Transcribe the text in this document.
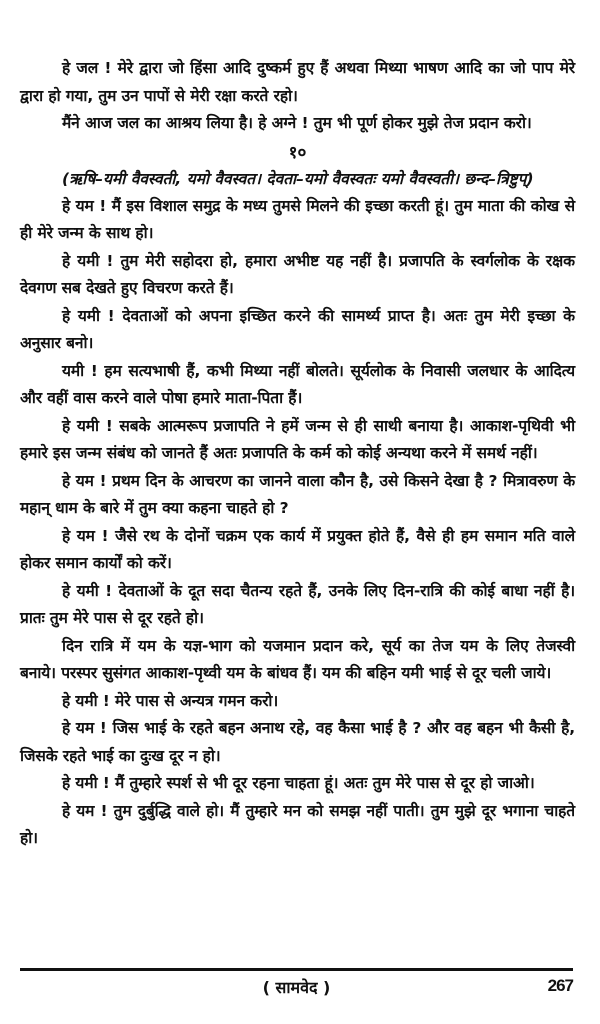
हे जल ! मेरे द्वारा जो हिंसा आदि दुष्कर्म हुए हैं अथवा मिथ्या भाषण आदि का जो पाप मेरे द्वारा हो गया, तुम उन पापों से मेरी रक्षा करते रहो।

मैंने आज जल का आश्रय लिया है। हे अग्ने ! तुम भी पूर्ण होकर मुझे तेज प्रदान करो।

१०

(ऋषि–यमी वैवस्वती, यमो वैवस्वत। देवता–यमो वैवस्वतः यमो वैवस्वती। छन्द–त्रिष्टुप्)

हे यम ! मैं इस विशाल समुद्र के मध्य तुमसे मिलने की इच्छा करती हूं। तुम माता की कोख से ही मेरे जन्म के साथ हो।

हे यमी ! तुम मेरी सहोदरा हो, हमारा अभीष्ट यह नहीं है। प्रजापति के स्वर्गलोक के रक्षक देवगण सब देखते हुए विचरण करते हैं।

हे यमी ! देवताओं को अपना इच्छित करने की सामर्थ्य प्राप्त है। अतः तुम मेरी इच्छा के अनुसार बनो।

यमी ! हम सत्यभाषी हैं, कभी मिथ्या नहीं बोलते। सूर्यलोक के निवासी जलधार के आदित्य और वहीं वास करने वाले पोषा हमारे माता-पिता हैं।

हे यमी ! सबके आत्मरूप प्रजापति ने हमें जन्म से ही साथी बनाया है। आकाश-पृथिवी भी हमारे इस जन्म संबंध को जानते हैं अतः प्रजापति के कर्म को कोई अन्यथा करने में समर्थ नहीं।

हे यम ! प्रथम दिन के आचरण का जानने वाला कौन है, उसे किसने देखा है ? मित्रावरुण के महान् धाम के बारे में तुम क्या कहना चाहते हो ?

हे यम ! जैसे रथ के दोनों चक्रम एक कार्य में प्रयुक्त होते हैं, वैसे ही हम समान मति वाले होकर समान कार्यों को करें।

हे यमी ! देवताओं के दूत सदा चैतन्य रहते हैं, उनके लिए दिन-रात्रि की कोई बाधा नहीं है। प्रातः तुम मेरे पास से दूर रहते हो।

दिन रात्रि में यम के यज्ञ-भाग को यजमान प्रदान करे, सूर्य का तेज यम के लिए तेजस्वी बनाये। परस्पर सुसंगत आकाश-पृथ्वी यम के बांधव हैं। यम की बहिन यमी भाई से दूर चली जाये।

हे यमी ! मेरे पास से अन्यत्र गमन करो।

हे यम ! जिस भाई के रहते बहन अनाथ रहे, वह कैसा भाई है ? और वह बहन भी कैसी है, जिसके रहते भाई का दुःख दूर न हो।

हे यमी ! मैं तुम्हारे स्पर्श से भी दूर रहना चाहता हूं। अतः तुम मेरे पास से दूर हो जाओ।

हे यम ! तुम दुर्बुद्धि वाले हो। मैं तुम्हारे मन को समझ नहीं पाती। तुम मुझे दूर भगाना चाहते हो।

( सामवेद )	267
